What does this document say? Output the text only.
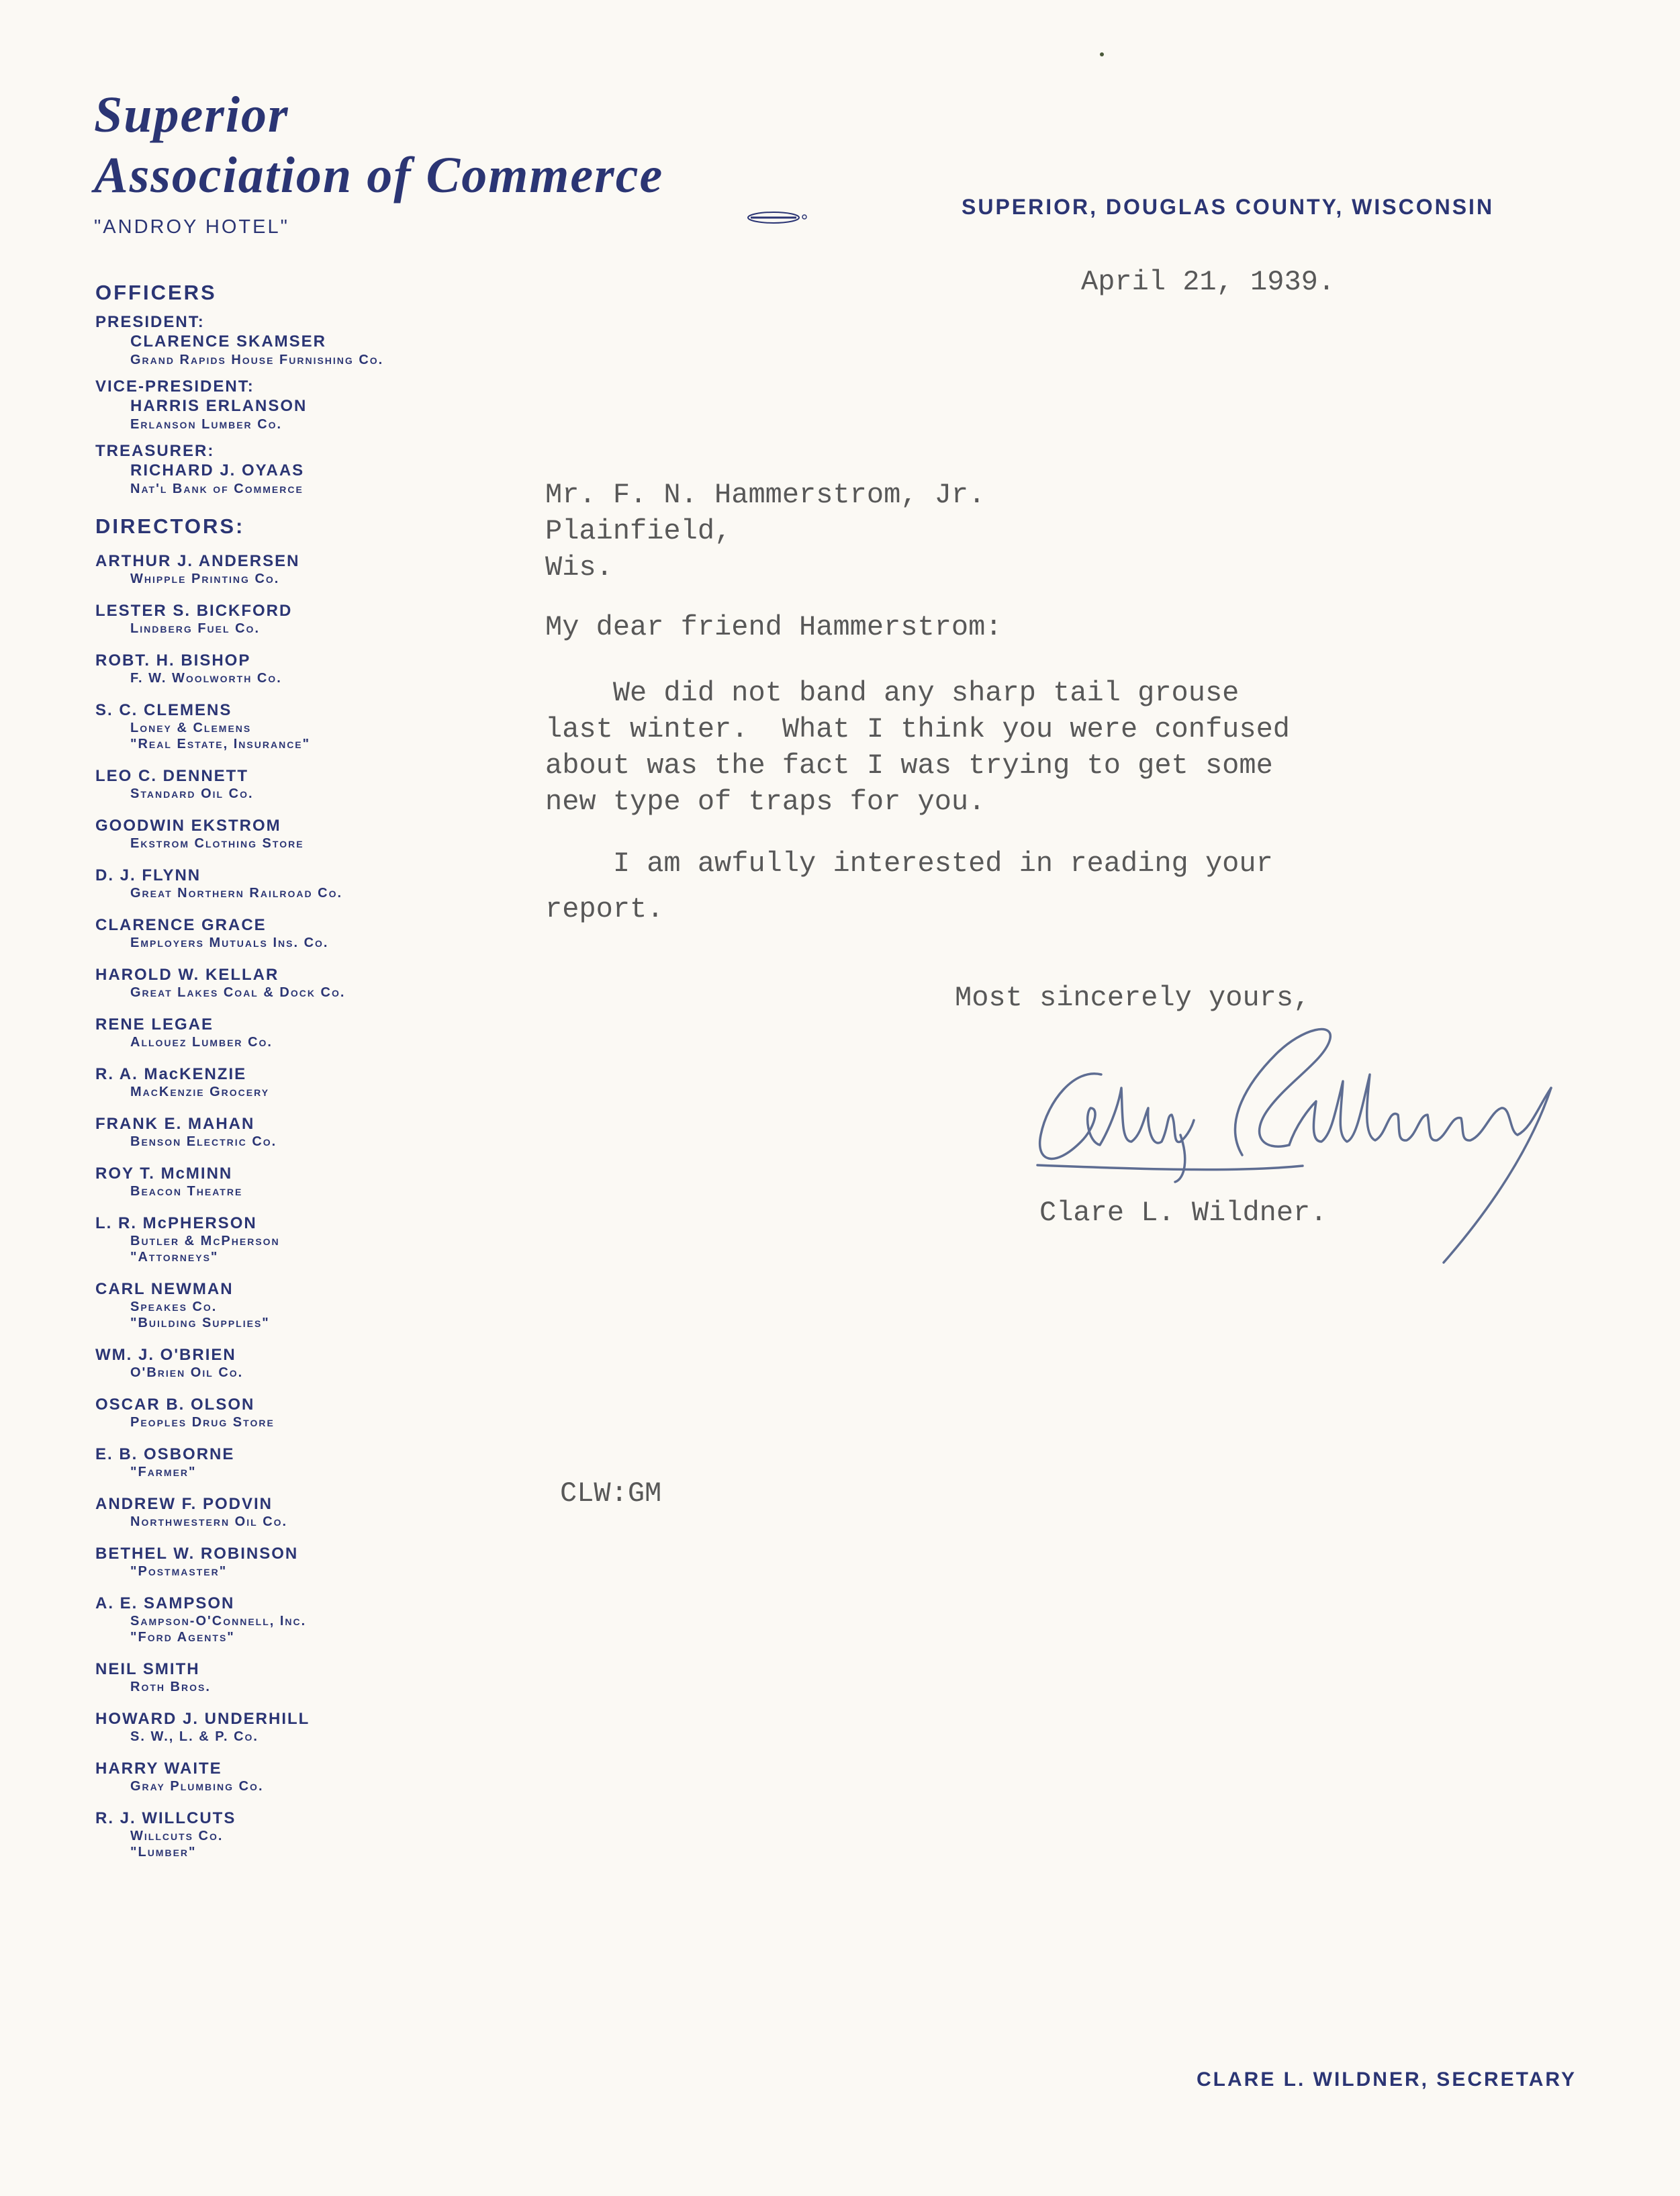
Superior
Association of Commerce
"ANDROY HOTEL"
SUPERIOR, DOUGLAS COUNTY, WISCONSIN
OFFICERS
PRESIDENT:
CLARENCE SKAMSER
Grand Rapids House Furnishing Co.
VICE-PRESIDENT:
HARRIS ERLANSON
Erlanson Lumber Co.
TREASURER:
RICHARD J. OYAAS
Nat'l Bank of Commerce
DIRECTORS:
ARTHUR J. ANDERSEN
Whipple Printing Co.
LESTER S. BICKFORD
Lindberg Fuel Co.
ROBT. H. BISHOP
F. W. Woolworth Co.
S. C. CLEMENS
Loney & Clemens
"Real Estate, Insurance"
LEO C. DENNETT
Standard Oil Co.
GOODWIN EKSTROM
Ekstrom Clothing Store
D. J. FLYNN
Great Northern Railroad Co.
CLARENCE GRACE
Employers Mutuals Ins. Co.
HAROLD W. KELLAR
Great Lakes Coal & Dock Co.
RENE LEGAE
Allouez Lumber Co.
R. A. MacKENZIE
MacKenzie Grocery
FRANK E. MAHAN
Benson Electric Co.
ROY T. McMINN
Beacon Theatre
L. R. McPHERSON
Butler & McPherson
"Attorneys"
CARL NEWMAN
Speakes Co.
"Building Supplies"
WM. J. O'BRIEN
O'Brien Oil Co.
OSCAR B. OLSON
Peoples Drug Store
E. B. OSBORNE
"Farmer"
ANDREW F. PODVIN
Northwestern Oil Co.
BETHEL W. ROBINSON
"Postmaster"
A. E. SAMPSON
Sampson-O'Connell, Inc.
"Ford Agents"
NEIL SMITH
Roth Bros.
HOWARD J. UNDERHILL
S. W., L. & P. Co.
HARRY WAITE
Gray Plumbing Co.
R. J. WILLCUTS
Willcuts Co.
"Lumber"
April 21, 1939.
Mr. F. N. Hammerstrom, Jr.
Plainfield,
Wis.
My dear friend Hammerstrom:
We did not band any sharp tail grouse
last winter.  What I think you were confused
about was the fact I was trying to get some
new type of traps for you.
I am awfully interested in reading your
report.
Most sincerely yours,
Clare L. Wildner.
CLW:GM
CLARE L. WILDNER, SECRETARY
